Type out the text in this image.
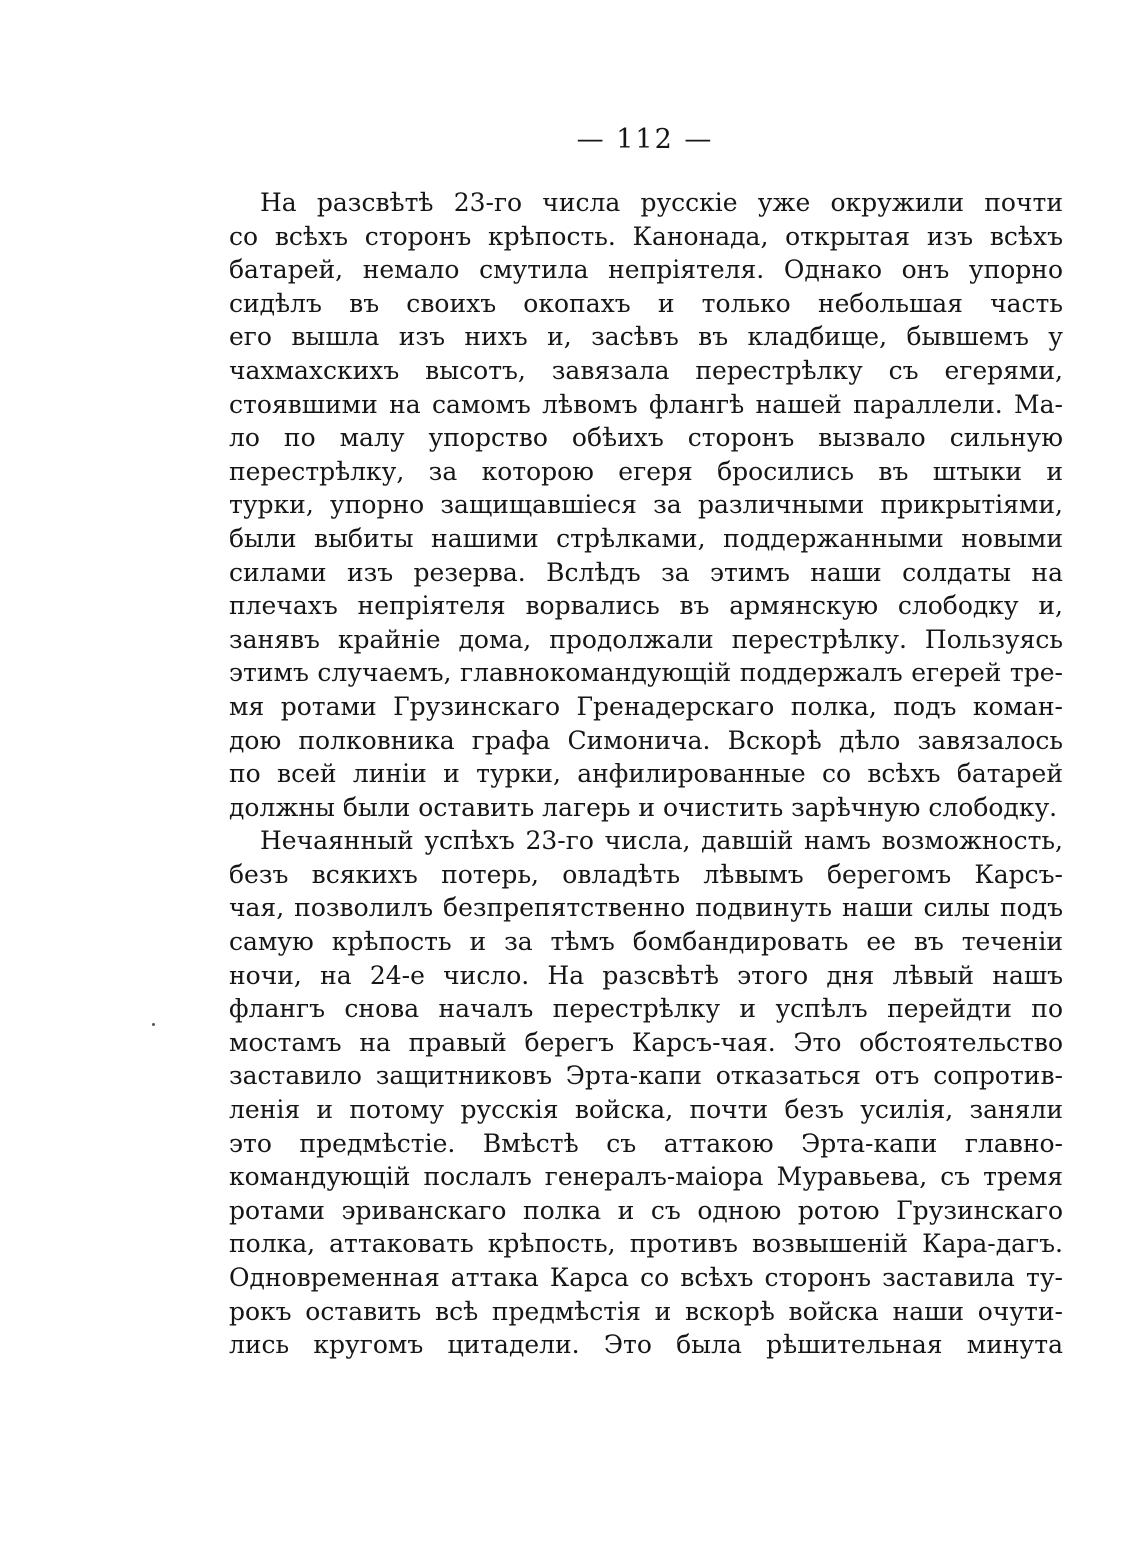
— 112 —
На разсвѣтѣ 23-го числа русскіе уже окружили почти
со всѣхъ сторонъ крѣпость. Канонада, открытая изъ всѣхъ
батарей, немало смутила непріятеля. Однако онъ упорно
сидѣлъ въ своихъ окопахъ и только небольшая часть
его вышла изъ нихъ и, засѣвъ въ кладбище, бывшемъ у
чахмахскихъ высотъ, завязала перестрѣлку съ егерями,
стоявшими на самомъ лѣвомъ флангѣ нашей параллели. Ма-
ло по малу упорство обѣихъ сторонъ вызвало сильную
перестрѣлку, за которою егеря бросились въ штыки и
турки, упорно защищавшіеся за различными прикрытіями,
были выбиты нашими стрѣлками, поддержанными новыми
силами изъ резерва. Вслѣдъ за этимъ наши солдаты на
плечахъ непріятеля ворвались въ армянскую слободку и,
занявъ крайніе дома, продолжали перестрѣлку. Пользуясь
этимъ случаемъ, главнокомандующій поддержалъ егерей тре-
мя ротами Грузинскаго Гренадерскаго полка, подъ коман-
дою полковника графа Симонича. Вскорѣ дѣло завязалось
по всей линіи и турки, анфилированные со всѣхъ батарей
должны были оставить лагерь и очистить зарѣчную слободку.
Нечаянный успѣхъ 23-го числа, давшій намъ возможность,
безъ всякихъ потерь, овладѣть лѣвымъ берегомъ Карсъ-
чая, позволилъ безпрепятственно подвинуть наши силы подъ
самую крѣпость и за тѣмъ бомбандировать ее въ теченіи
ночи, на 24-е число. На разсвѣтѣ этого дня лѣвый нашъ
флангъ снова началъ перестрѣлку и успѣлъ перейдти по
мостамъ на правый берегъ Карсъ-чая. Это обстоятельство
заставило защитниковъ Эрта-капи отказаться отъ сопротив-
ленія и потому русскія войска, почти безъ усилія, заняли
это предмѣстіе. Вмѣстѣ съ аттакою Эрта-капи главно-
командующій послалъ генералъ-маіора Муравьева, съ тремя
ротами эриванскаго полка и съ одною ротою Грузинскаго
полка, аттаковать крѣпость, противъ возвышеній Кара-дагъ.
Одновременная аттака Карса со всѣхъ сторонъ заставила ту-
рокъ оставить всѣ предмѣстія и вскорѣ войска наши очути-
лись кругомъ цитадели. Это была рѣшительная минута
